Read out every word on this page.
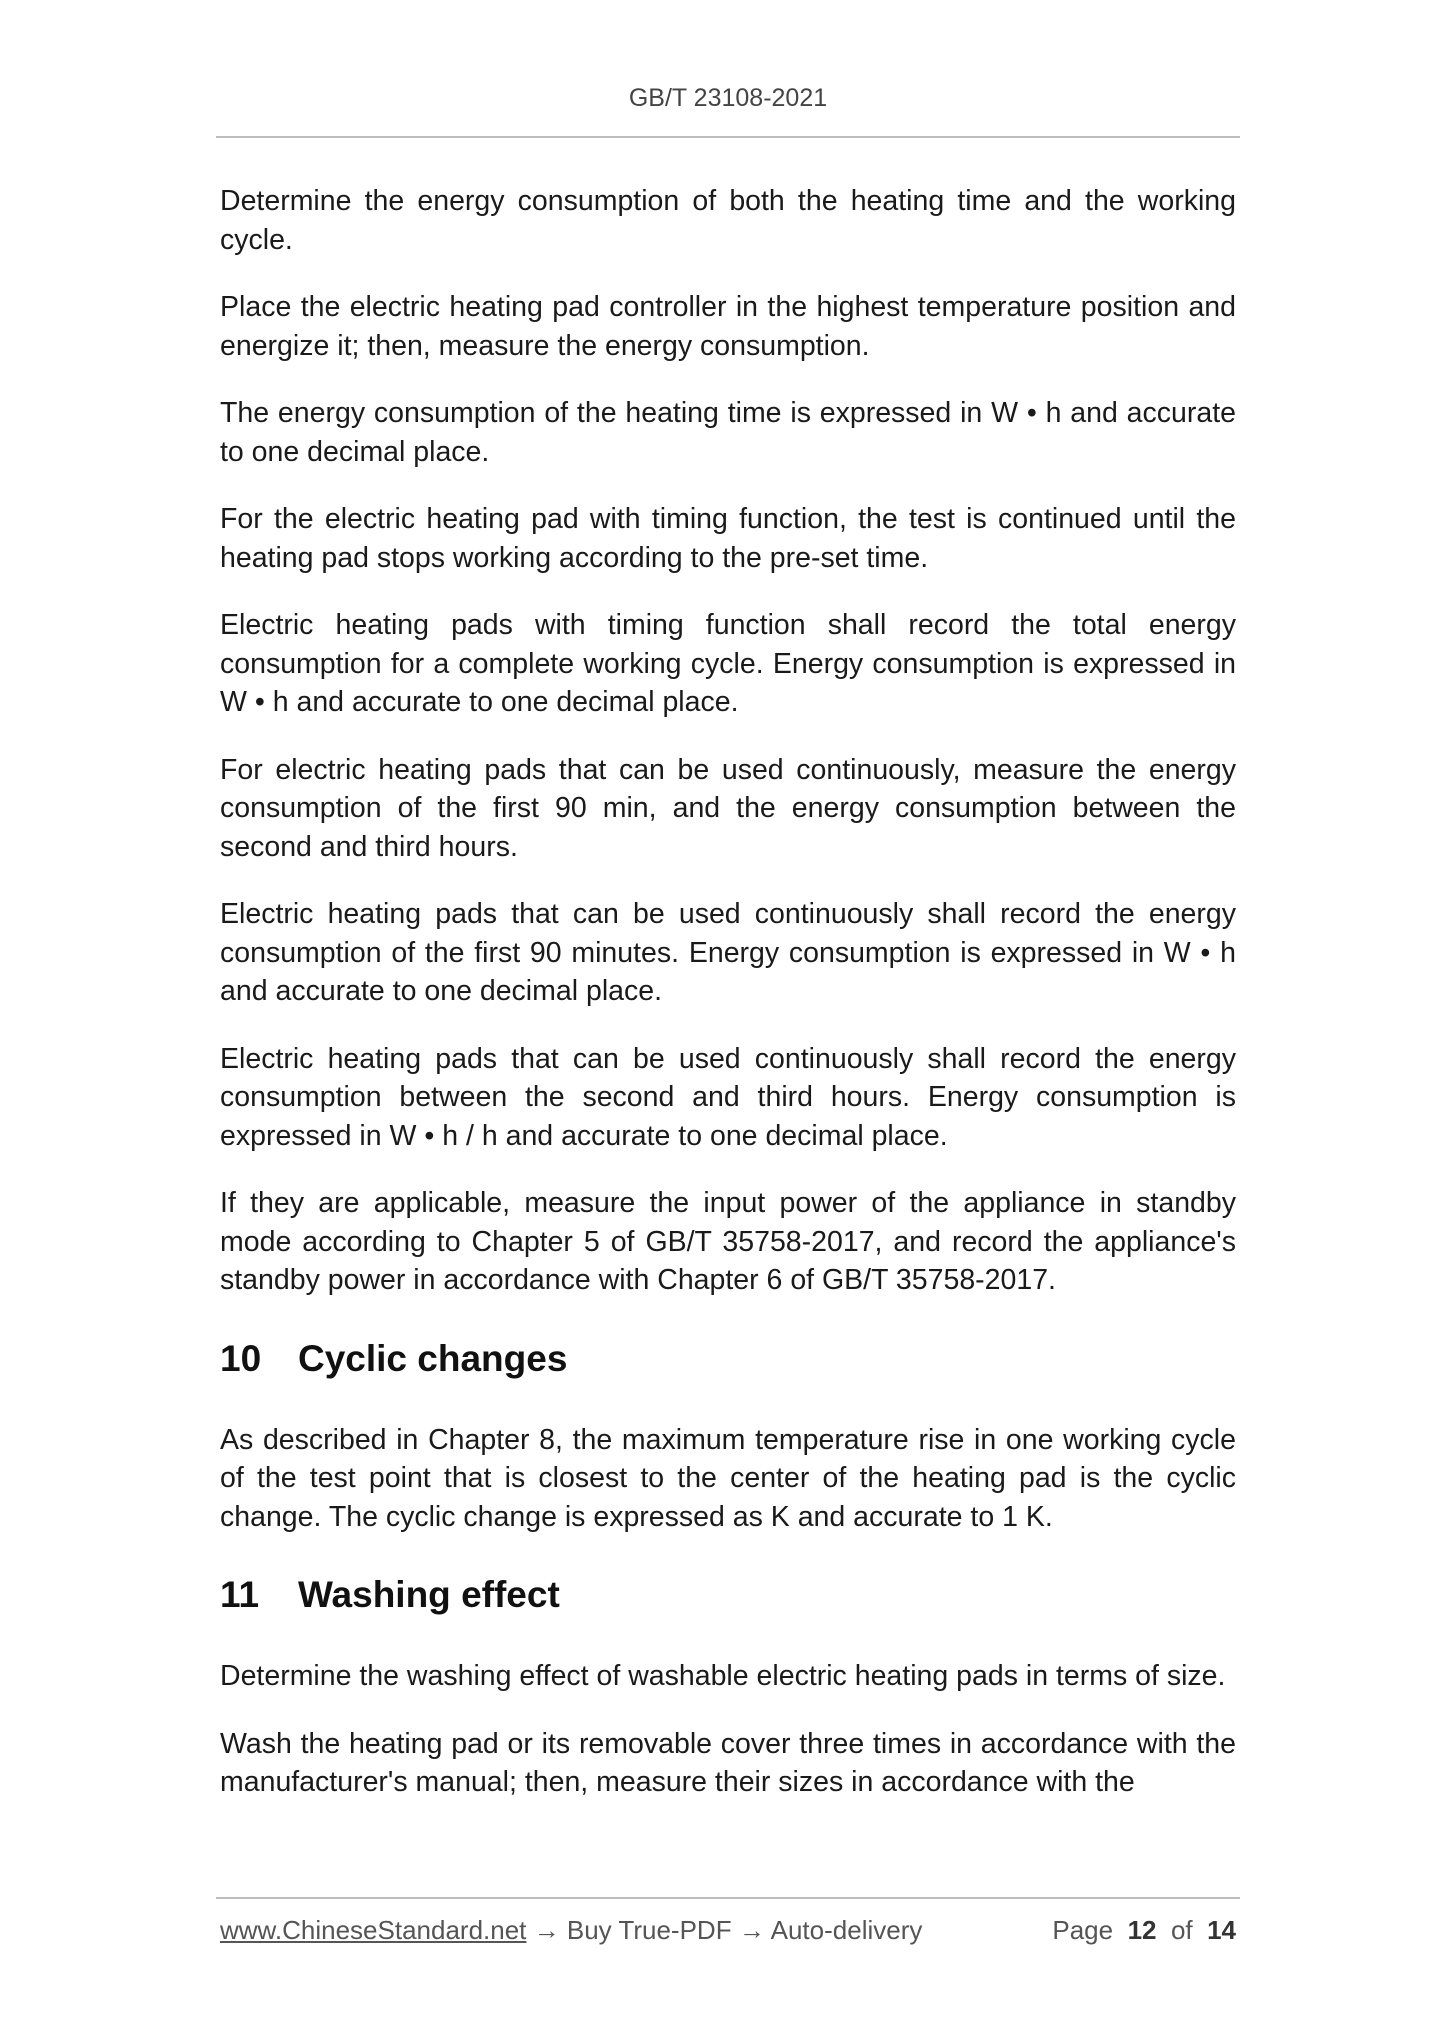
GB/T 23108-2021

Determine the energy consumption of both the heating time and the working cycle.

Place the electric heating pad controller in the highest temperature position and energize it; then, measure the energy consumption.

The energy consumption of the heating time is expressed in W • h and accurate to one decimal place.

For the electric heating pad with timing function, the test is continued until the heating pad stops working according to the pre-set time.

Electric heating pads with timing function shall record the total energy consumption for a complete working cycle. Energy consumption is expressed in W • h and accurate to one decimal place.

For electric heating pads that can be used continuously, measure the energy consumption of the first 90 min, and the energy consumption between the second and third hours.

Electric heating pads that can be used continuously shall record the energy consumption of the first 90 minutes. Energy consumption is expressed in W • h and accurate to one decimal place.

Electric heating pads that can be used continuously shall record the energy consumption between the second and third hours. Energy consumption is expressed in W • h / h and accurate to one decimal place.

If they are applicable, measure the input power of the appliance in standby mode according to Chapter 5 of GB/T 35758-2017, and record the appliance's standby power in accordance with Chapter 6 of GB/T 35758-2017.

10 Cyclic changes

As described in Chapter 8, the maximum temperature rise in one working cycle of the test point that is closest to the center of the heating pad is the cyclic change. The cyclic change is expressed as K and accurate to 1 K.

11 Washing effect

Determine the washing effect of washable electric heating pads in terms of size.

Wash the heating pad or its removable cover three times in accordance with the manufacturer's manual; then, measure their sizes in accordance with the

www.ChineseStandard.net → Buy True-PDF → Auto-delivery	Page 12 of 14
